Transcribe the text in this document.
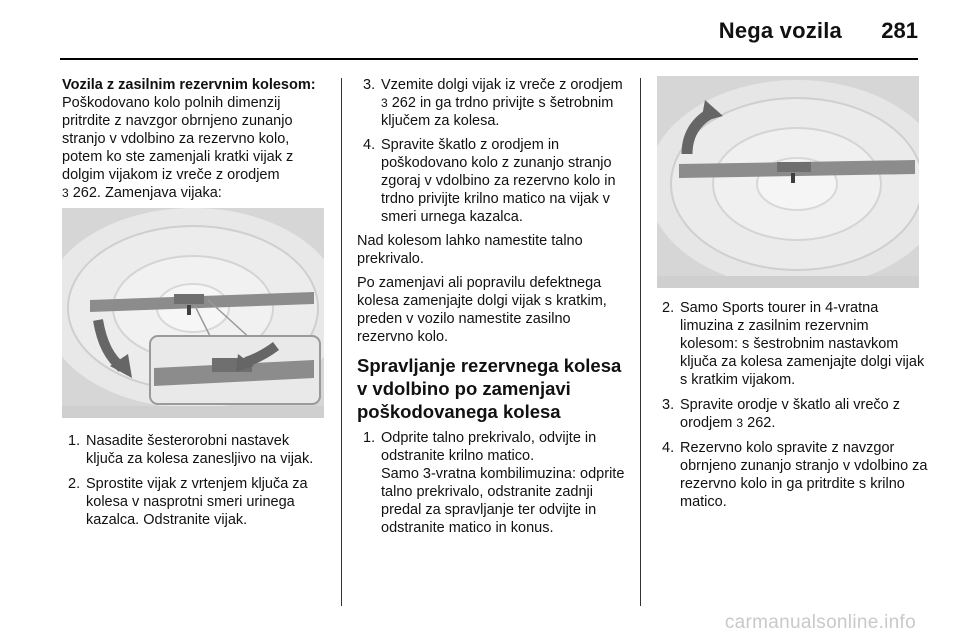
Nega vozila 281
Vozila z zasilnim rezervnim kolesom:

Poškodovano kolo polnih dimenzij pritrdite z navzgor obrnjeno zunanjo stranjo v vdolbino za rezervno kolo, potem ko ste zamenjali kratki vijak z dolgim vijakom iz vreče z orodjem
3 262. Zamenjava vijaka:

1. Nasadite šesterorobni nastavek ključa za kolesa zanesljivo na vijak.
2. Sprostite vijak z vrtenjem ključa za kolesa v nasprotni smeri urinega kazalca. Odstranite vijak.
3. Vzemite dolgi vijak iz vreče z orodjem 3 262 in ga trdno privijte s šetrobnim ključem za kolesa.
4. Spravite škatlo z orodjem in poškodovano kolo z zunanjo stranjo zgoraj v vdolbino za rezervno kolo in trdno privijte krilno matico na vijak v smeri urnega kazalca.

Nad kolesom lahko namestite talno prekrivalo.

Po zamenjavi ali popravilu defektnega kolesa zamenjajte dolgi vijak s kratkim, preden v vozilo namestite zasilno rezervno kolo.

Spravljanje rezervnega kolesa v vdolbino po zamenjavi poškodovanega kolesa
1. Odprite talno prekrivalo, odvijte in odstranite krilno matico.

Samo 3-vratna kombilimuzina: odprite talno prekrivalo, odstranite zadnji predal za spravljanje ter odvijte in odstranite matico in konus.

2. Samo Sports tourer in 4-vratna limuzina z zasilnim rezervnim kolesom: s šestrobnim nastavkom ključa za kolesa zamenjajte dolgi vijak s kratkim vijakom.
3. Spravite orodje v škatlo ali vrečo z orodjem 3 262.
4. Rezervno kolo spravite z navzgor obrnjeno zunanjo stranjo v vdolbino za rezervno kolo in ga pritrdite s krilno matico.
carmanualsonline.info
